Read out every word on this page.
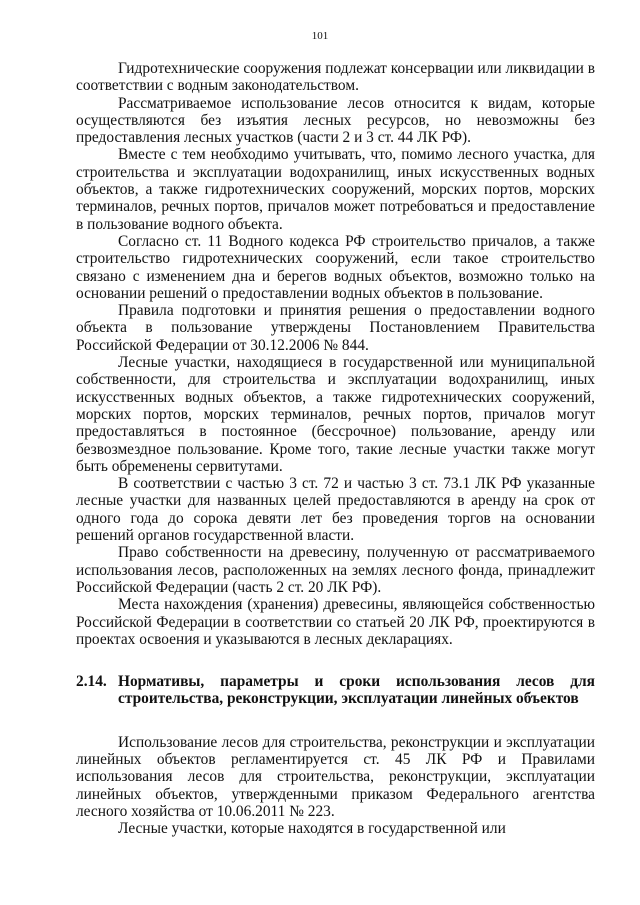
101

Гидротехнические сооружения подлежат консервации или ликвидации в соответствии с водным законодательством.

Рассматриваемое использование лесов относится к видам, которые осуществляются без изъятия лесных ресурсов, но невозможны без предоставления лесных участков (части 2 и 3 ст. 44 ЛК РФ).

Вместе с тем необходимо учитывать, что, помимо лесного участка, для строительства и эксплуатации водохранилищ, иных искусственных водных объектов, а также гидротехнических сооружений, морских портов, морских терминалов, речных портов, причалов может потребоваться и предоставление в пользование водного объекта.

Согласно ст. 11 Водного кодекса РФ строительство причалов, а также строительство гидротехнических сооружений, если такое строительство связано с изменением дна и берегов водных объектов, возможно только на основании решений о предоставлении водных объектов в пользование.

Правила подготовки и принятия решения о предоставлении водного объекта в пользование утверждены Постановлением Правительства Российской Федерации от 30.12.2006 № 844.

Лесные участки, находящиеся в государственной или муниципальной собственности, для строительства и эксплуатации водохранилищ, иных искусственных водных объектов, а также гидротехнических сооружений, морских портов, морских терминалов, речных портов, причалов могут предоставляться в постоянное (бессрочное) пользование, аренду или безвозмездное пользование. Кроме того, такие лесные участки также могут быть обременены сервитутами.

В соответствии с частью 3 ст. 72 и частью 3 ст. 73.1 ЛК РФ указанные лесные участки для названных целей предоставляются в аренду на срок от одного года до сорока девяти лет без проведения торгов на основании решений органов государственной власти.

Право собственности на древесину, полученную от рассматриваемого использования лесов, расположенных на землях лесного фонда, принадлежит Российской Федерации (часть 2 ст. 20 ЛК РФ).

Места нахождения (хранения) древесины, являющейся собственностью Российской Федерации в соответствии со статьей 20 ЛК РФ, проектируются в проектах освоения и указываются в лесных декларациях.

2.14. Нормативы, параметры и сроки использования лесов для строительства, реконструкции, эксплуатации линейных объектов

Использование лесов для строительства, реконструкции и эксплуатации линейных объектов регламентируется ст. 45 ЛК РФ и Правилами использования лесов для строительства, реконструкции, эксплуатации линейных объектов, утвержденными приказом Федерального агентства лесного хозяйства от 10.06.2011 № 223.

Лесные участки, которые находятся в государственной или
